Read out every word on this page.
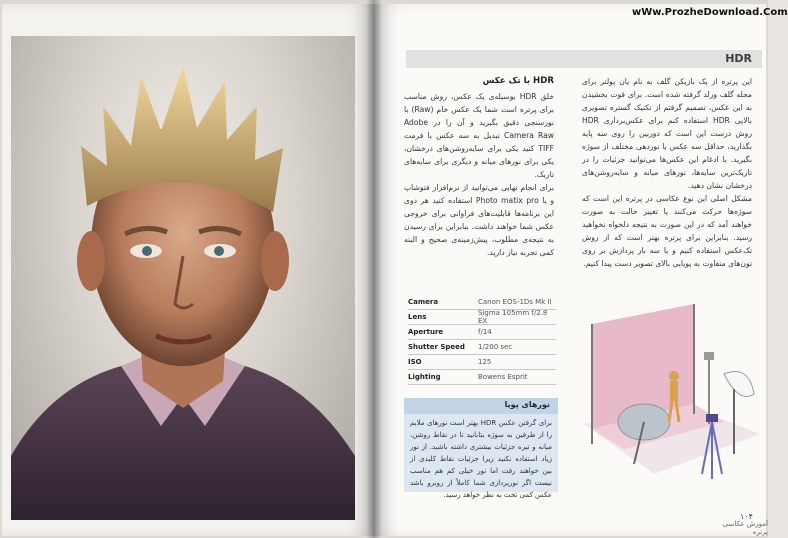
wWw.ProzheDownload.Com
HDR
HDR با تک عکس

خلق HDR بوسیله‌ی یک عکس، روش مناسب برای پرتره است شما یک عکس خام (Raw) با نورسنجی دقیق بگیرید و آن را در Adobe Camera Raw تبدیل به سه عکس با فرمت TIFF کنید یکی برای سایه‌روشن‌های درخشان، یکی برای نورهای میانه و دیگری برای سایه‌های تاریک.

برای انجام نهایی می‌توانید از نرم‌افزار فتوشاپ و یا Photo matix pro استفاده کنید هر دوی این برنامه‌ها قابلیت‌های فراوانی برای خروجی عکس شما خواهند داشت. بنابراین برای رسیدن به نتیجه‌ی مطلوب، پیش‌زمینه‌ی صحیح و البته کمی تجربه نیاز دارید.

این پرتره از یک بازیکن گلف به نام یان پولتر برای مجله گلف ورلد گرفته شده است. برای قوت بخشیدن به این عکس، تصمیم گرفتم از تکنیک گستره تصویری بالایی HDR استفاده کنم برای عکس‌برداری HDR روش درست این است که دوربین را روی سه پایه بگذارید، حداقل سه عکس با نوردهی مختلف از سوژه بگیرید. با ادغام این عکس‌ها می‌توانید جزئیات را در تاریک‌ترین سایه‌ها، نورهای میانه و سایه‌روشن‌های درخشان نشان دهید.

مشکل اصلی این نوع عکاسی در پرتره این است که سوژه‌ها حرکت می‌کنند یا تغییر حالت به صورت خواهند آمد که در این صورت به نتیجه دلخواه نخواهید رسید. بنابراین برای پرتره بهتر است که از روش تک‌عکس استفاده کنیم و با سه بار پردازش بر روی تون‌های متفاوت به پویایی بالای تصویر دست پیدا کنیم.

Camera	Canon EOS-1Ds Mk II
Lens	Sigma 105mm f/2.8 EX
Aperture	f/14
Shutter Speed 1/200 sec
ISO	125
Lighting	Bowens Esprit
نورهای پویا
برای گرفتن عکس HDR بهتر است نورهای ملایم را از طرفین به سوژه بتابانید تا در نقاط روشن، میانه و تیره جزئیات بیشتری داشته باشید. از نور زیاد استفاده نکنید زیرا جزئیات نقاط کلیدی از بین خواهند رفت اما نور خیلی کم هم مناسب نیست اگر نورپردازی شما کاملاً از روبرو باشد عکس کمی تخت به نظر خواهد رسید.
۱۰۴
آموزش عکاسی پرتره
